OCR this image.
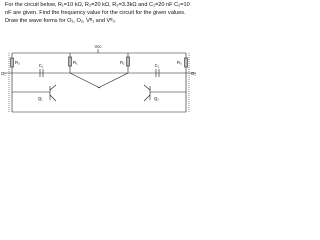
For the circuit below, R₁=10 kΩ, R₂=20 kΩ, R₃=3.3kΩ and C₁=20 nF C₂=10 nF are given. Find the frequency value for the circuit for the given values. Draw the wave forms for O₁, O₂, Vᴮ₁ and Vᴮ₂.

Vcc
R₃	R₁	R₂	R₃
C₁	C₂
O₁	O₂
Q₁	Q₂
